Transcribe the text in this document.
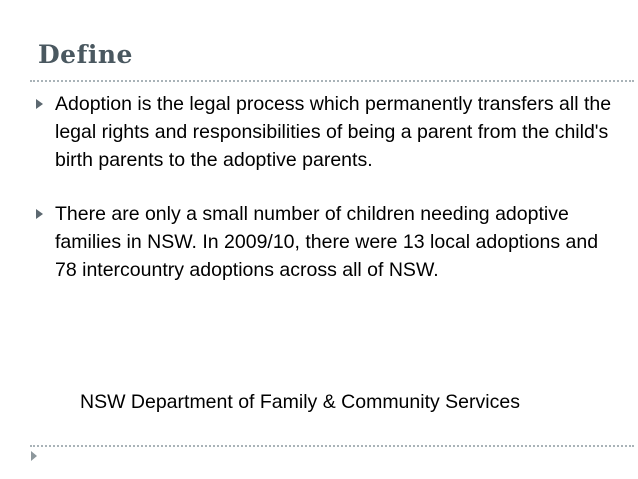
Define
Adoption is the legal process which permanently transfers all the legal rights and responsibilities of being a parent from the child's birth parents to the adoptive parents.
There are only a small number of children needing adoptive families in NSW. In 2009/10, there were 13 local adoptions and 78 intercountry adoptions across all of NSW.

NSW Department of Family & Community Services
